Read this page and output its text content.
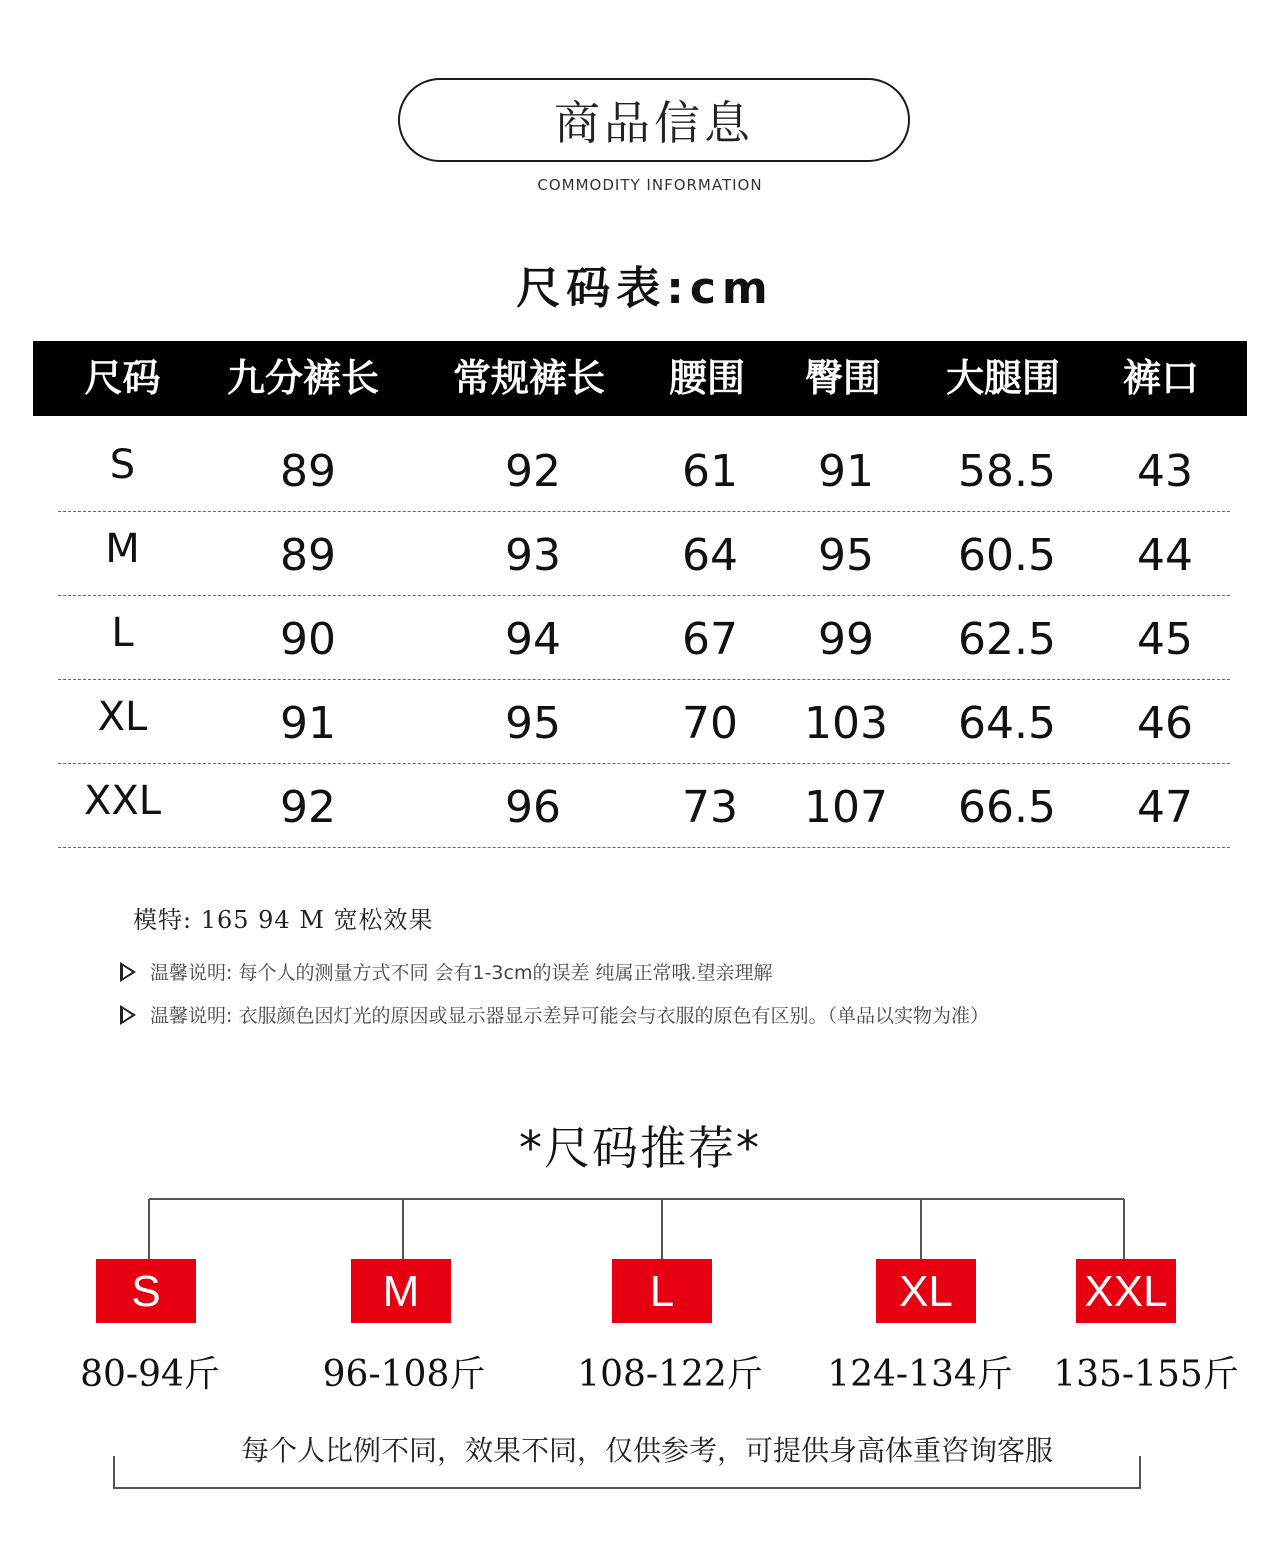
商品信息
COMMODITY INFORMATION
尺码表:cm
尺码	九分裤长	常规裤长	腰围	臀围	大腿围	裤口
S	89	92	61	91	58.5	43
M	89	93	64	95	60.5	44
L	90	94	67	99	62.5	45
XL	91	95	70	103	64.5	46
XXL	92	96	73	107	66.5	47
模特: 165 94 M 宽松效果
温馨说明: 每个人的测量方式不同 会有1-3cm的误差 纯属正常哦.望亲理解
温馨说明: 衣服颜色因灯光的原因或显示器显示差异可能会与衣服的原色有区别。（单品以实物为准）
*尺码推荐*
S	M	L	XL	XXL
80-94斤	96-108斤	108-122斤	124-134斤	135-155斤
每个人比例不同，效果不同，仅供参考，可提供身高体重咨询客服
